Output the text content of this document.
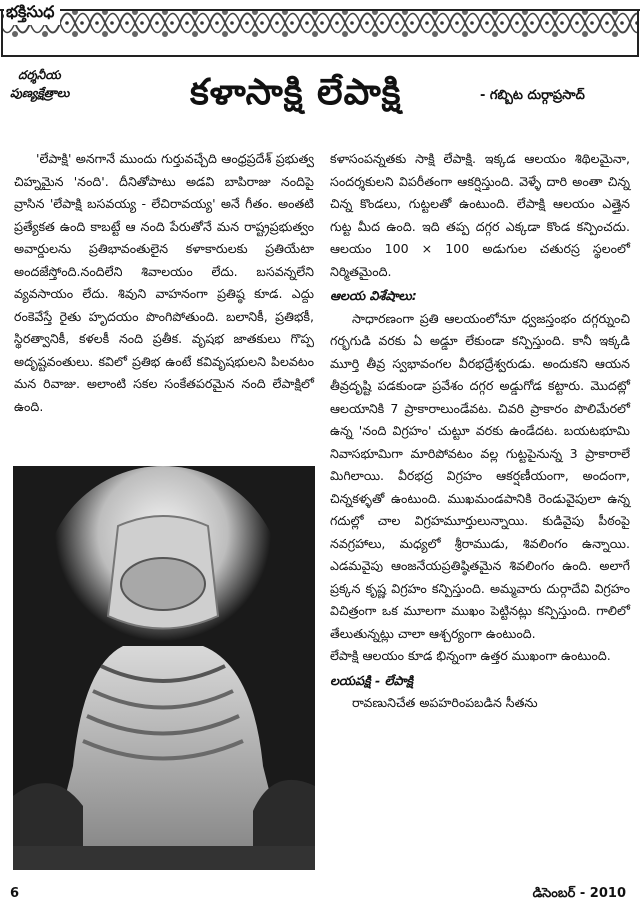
భక్తిసుధ
దర్శనీయ
పుణ్యక్షేత్రాలు	కళాసాక్షి లేపాక్షి	- గబ్బిట దుర్గాప్రసాద్

'లేపాక్షి' అనగానే ముందు గుర్తువచ్చేది ఆంధ్రప్రదేశ్ ప్రభుత్వ చిహ్నమైన 'నంది'. దీనితోపాటు అడవి బాపిరాజు నందిపై వ్రాసిన 'లేపాక్షి బసవయ్య - లేచిరావయ్య' అనే గీతం. అంతటి ప్రత్యేకత ఉంది కాబట్టే ఆ నంది పేరుతోనే మన రాష్ట్రప్రభుత్వం అవార్డులను ప్రతిభావంతులైన కళాకారులకు ప్రతియేటా అందజేస్తోంది.నందిలేని శివాలయం లేదు. బసవన్నలేని వ్యవసాయం లేదు. శివుని వాహనంగా ప్రతిష్ఠ కూడ. ఎద్దు రంకెవేస్తే రైతు హృదయం పొంగిపోతుంది. బలానికీ, ప్రతిభకీ, స్థిరత్వానికీ, కళలకీ నంది ప్రతీక. వృషభ జాతకులు గొప్ప అదృష్టవంతులు. కవిలో ప్రతిభ ఉంటే కవివృషభులని పిలవటం మన రివాజు. అలాంటి సకల సంకేతపరమైన నంది లేపాక్షిలో ఉంది.

కళాసంపన్నతకు సాక్షి లేపాక్షి. ఇక్కడ ఆలయం శిథిలమైనా, సందర్శకులని విపరీతంగా ఆకర్షిస్తుంది. వెళ్ళే దారి అంతా చిన్న చిన్న కొండలు, గుట్టలతో ఉంటుంది. లేపాక్షి ఆలయం ఎత్తైన గుట్ట మీద ఉంది. ఇది తప్ప దగ్గర ఎక్కడా కొండ కన్పించదు. ఆలయం 100 × 100 అడుగుల చతురస్ర స్థలంలో నిర్మితమైంది.

ఆలయ విశేషాలు:

సాధారణంగా ప్రతి ఆలయంలోనూ ధ్వజస్తంభం దగ్గర్నుంచి గర్భగుడి వరకు ఏ అడ్డూ లేకుండా కన్పిస్తుంది. కానీ ఇక్కడి మూర్తి తీవ్ర స్వభావంగల వీరభద్రేశ్వరుడు. అందుకని ఆయన తీవ్రదృష్టి పడకుండా ప్రవేశం దగ్గర అడ్డుగోడ కట్టారు. మొదట్లో ఆలయానికి 7 ప్రాకారాలుండేవట. చివరి ప్రాకారం పొలిమేరలో ఉన్న 'నంది విగ్రహం' చుట్టూ వరకు ఉండేదట. బయటభూమి నివాసభూమిగా మారిపోవటం వల్ల గుట్టపైనున్న 3 ప్రాకారాలే మిగిలాయి. వీరభద్ర విగ్రహం ఆకర్షణీయంగా, అందంగా, చిన్నకళ్ళతో ఉంటుంది. ముఖమండపానికి రెండువైపులా ఉన్న గదుల్లో చాల విగ్రహమూర్తులున్నాయి. కుడివైపు పీఠంపై నవగ్రహాలు, మధ్యలో శ్రీరాముడు, శివలింగం ఉన్నాయి. ఎడమవైపు ఆంజనేయప్రతిష్ఠితమైన శివలింగం ఉంది. అలాగే ప్రక్కన కృష్ణ విగ్రహం కన్పిస్తుంది. అమ్మవారు దుర్గాదేవి విగ్రహం విచిత్రంగా ఒక మూలగా ముఖం పెట్టినట్లు కన్పిస్తుంది. గాలిలో తేలుతున్నట్లు చాలా ఆశ్చర్యంగా ఉంటుంది.

లేపాక్షి ఆలయం కూడ భిన్నంగా ఉత్తర ముఖంగా ఉంటుంది.

లయపక్షి - లేపాక్షి

రావణునిచేత అపహరింపబడిన సీతను

6	డిసెంబర్ - 2010
